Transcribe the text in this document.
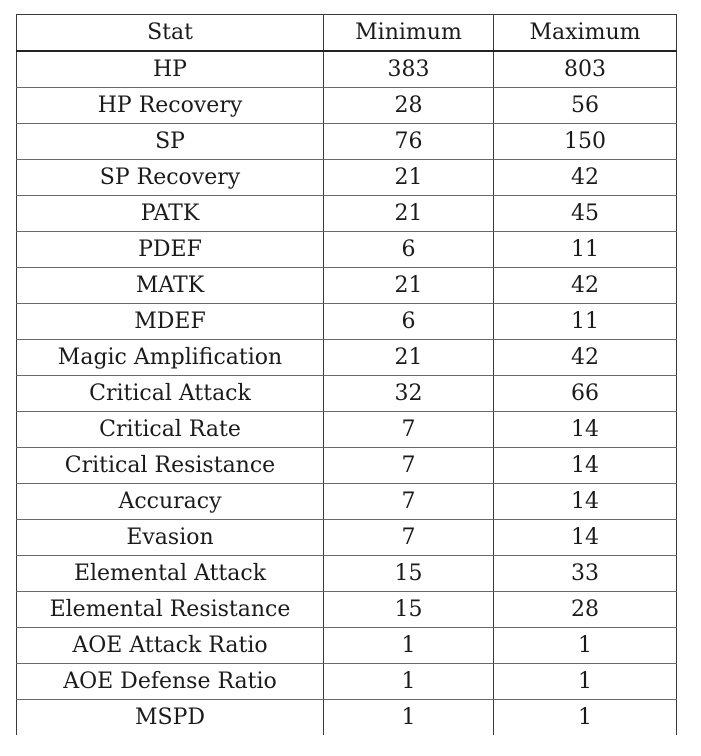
Stat	Minimum	Maximum
HP	383	803
HP Recovery	28	56
SP	76	150
SP Recovery	21	42
PATK	21	45
PDEF	6	11
MATK	21	42
MDEF	6	11
Magic Amplification	21	42
Critical Attack	32	66
Critical Rate	7	14
Critical Resistance	7	14
Accuracy	7	14
Evasion	7	14
Elemental Attack	15	33
Elemental Resistance	15	28
AOE Attack Ratio	1	1
AOE Defense Ratio	1	1
MSPD	1	1
